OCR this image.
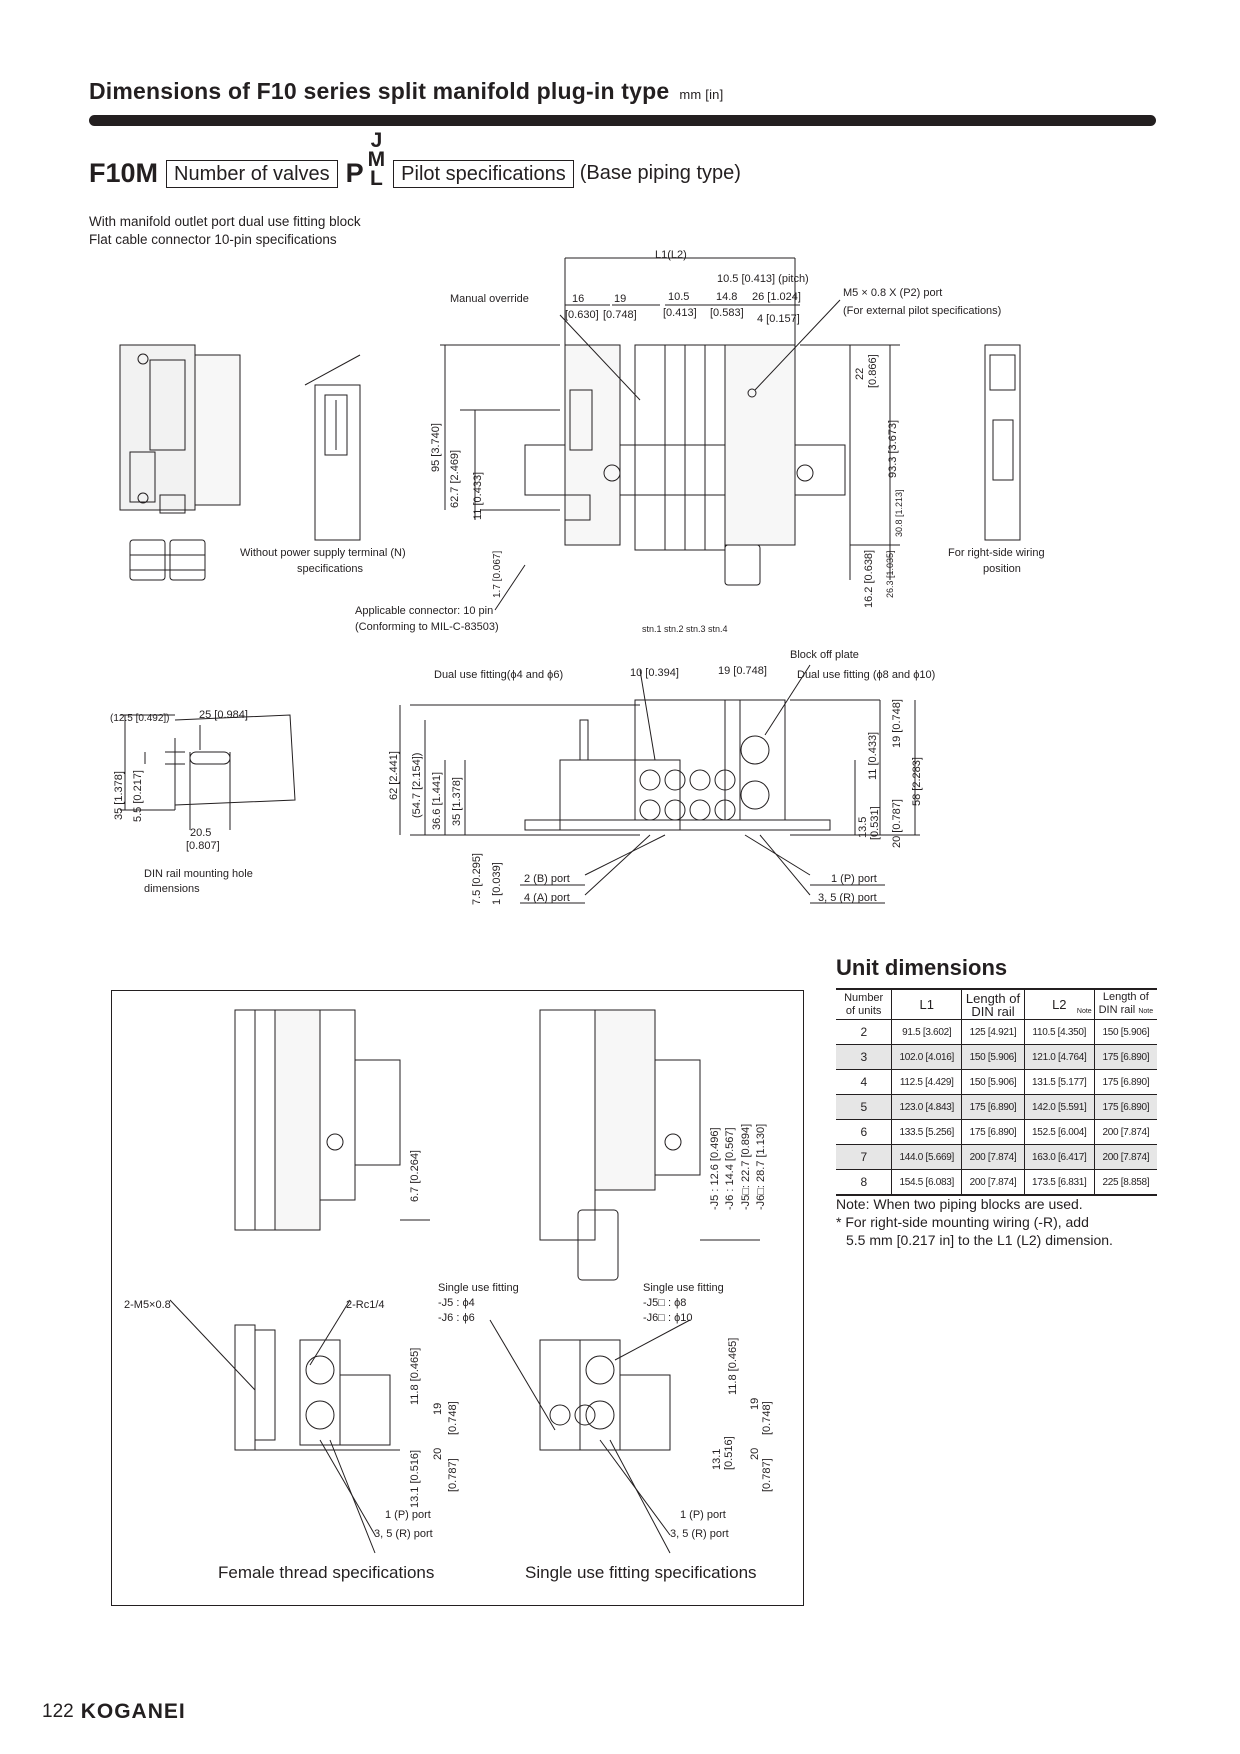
Dimensions of F10 series split manifold plug-in type mm [in]
F10M Number of valves P
J
M
L Pilot specifications (Base piping type)
With manifold outlet port dual use fitting block
Flat cable connector 10-pin specifications
L1(L2)
10.5 [0.413] (pitch)
Manual override	16	19
[0.630] [0.748]
10.5
[0.413]
14.8
[0.583]
26 [1.024]
4 [0.157]
M5 × 0.8 X (P2) port
(For external pilot specifications)
22 [0.866]
93.3 [3.673]
30.8 [1.213]
16.2 [0.638] 26.3 [1.035]
95 [3.740]
62.7 [2.469] 11 [0.433]
1.7 [0.067]
Without power supply terminal (N)
specifications
Applicable connector: 10 pin
(Conforming to MIL-C-83503)	stn.1 stn.2 stn.3 stn.4
For right-side wiring
position
Block off plate
Dual use fitting(ϕ4 and ϕ6)	10 [0.394]	19 [0.748]	Dual use fitting (ϕ8 and ϕ10)
(12.5 [0.492])	25 [0.984]
35 [1.378] 5.5 [0.217]
20.5
[0.807]
DIN rail mounting hole
dimensions
62 [2.441] (54.7 [2.154]) 36.6 [1.441] 35 [1.378]
7.5 [0.295] 1 [0.039] 2 (B) port
4 (A) port
11 [0.433]
19 [0.748]
58 [2.283]
13.5 [0.531] 20 [0.787]
1 (P) port
3, 5 (R) port
6.7 [0.264]	-J5 : 12.6 [0.496] -J6 : 14.4 [0.567] -J5□: 22.7 [0.894] -J6□: 28.7 [1.130]
2-M5×0.8	2-Rc1/4
Single use fitting
-J5 : ϕ4
-J6 : ϕ6
Single use fitting
-J5□ : ϕ8
-J6□ : ϕ10
11.8 [0.465]
19 [0.748]
13.1 [0.516] 20
[0.787]
11.8 [0.465]
13.1 [0.516]
19 [0.748]
20
[0.787]
1 (P) port
3, 5 (R) port
1 (P) port
3, 5 (R) port
Female thread specifications	Single use fitting specifications
Unit dimensions
Number
of units	L1	Length of
DIN rail	L2 Note	Length of
DIN rail Note
2	91.5 [3.602]	125 [4.921]	110.5 [4.350]	150 [5.906]
3	102.0 [4.016]	150 [5.906]	121.0 [4.764]	175 [6.890]
4	112.5 [4.429]	150 [5.906]	131.5 [5.177]	175 [6.890]
5	123.0 [4.843]	175 [6.890]	142.0 [5.591]	175 [6.890]
6	133.5 [5.256]	175 [6.890]	152.5 [6.004]	200 [7.874]
7	144.0 [5.669]	200 [7.874]	163.0 [6.417]	200 [7.874]
8	154.5 [6.083]	200 [7.874]	173.5 [6.831]	225 [8.858]
Note: When two piping blocks are used.
* For right-side mounting wiring (-R), add
5.5 mm [0.217 in] to the L1 (L2) dimension.
122 KOGANEI
